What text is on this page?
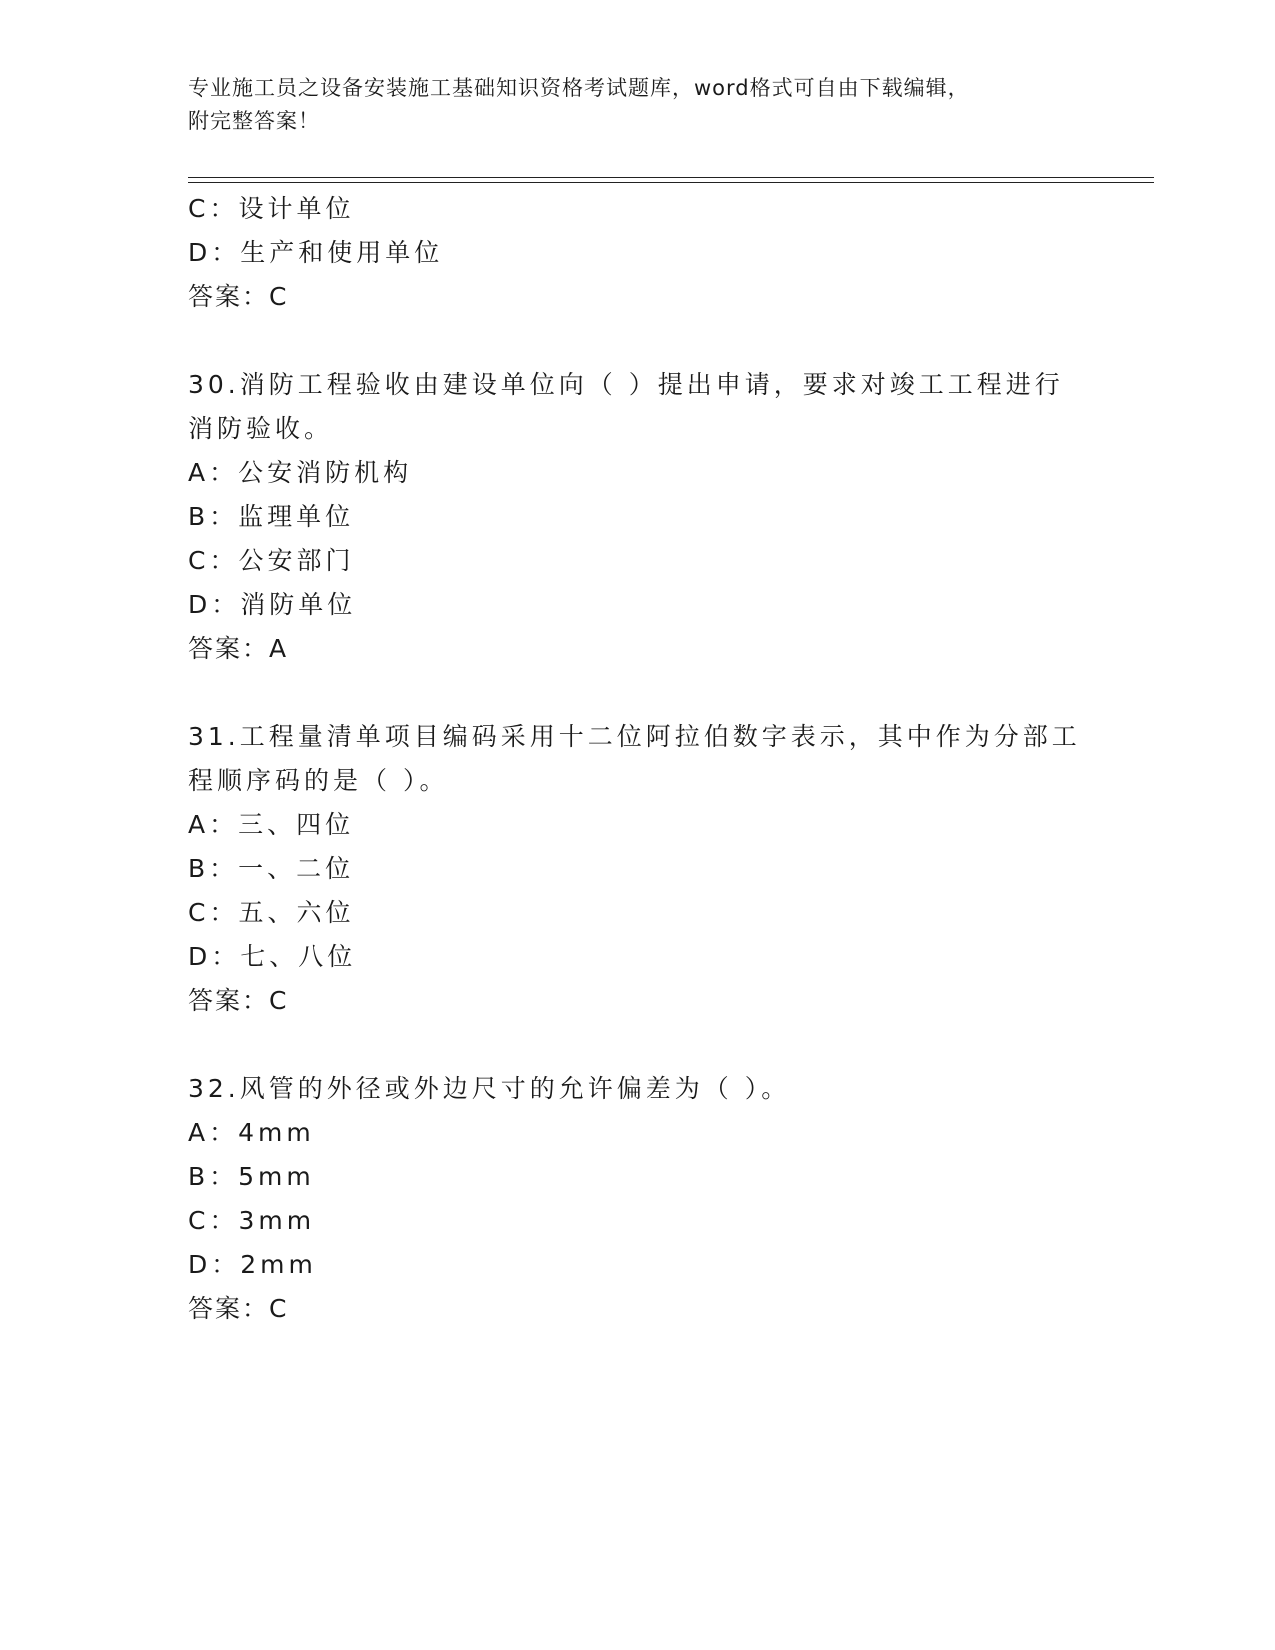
专业施工员之设备安装施工基础知识资格考试题库，word格式可自由下载编辑，
附完整答案！
C：设计单位
D：生产和使用单位
答案：C
30.消防工程验收由建设单位向（ ）提出申请，要求对竣工工程进行
消防验收。
A：公安消防机构
B：监理单位
C：公安部门
D：消防单位
答案：A
31.工程量清单项目编码采用十二位阿拉伯数字表示，其中作为分部工
程顺序码的是（ ）。
A：三、四位
B：一、二位
C：五、六位
D：七、八位
答案：C
32.风管的外径或外边尺寸的允许偏差为（ ）。
A：4mm
B：5mm
C：3mm
D：2mm
答案：C
